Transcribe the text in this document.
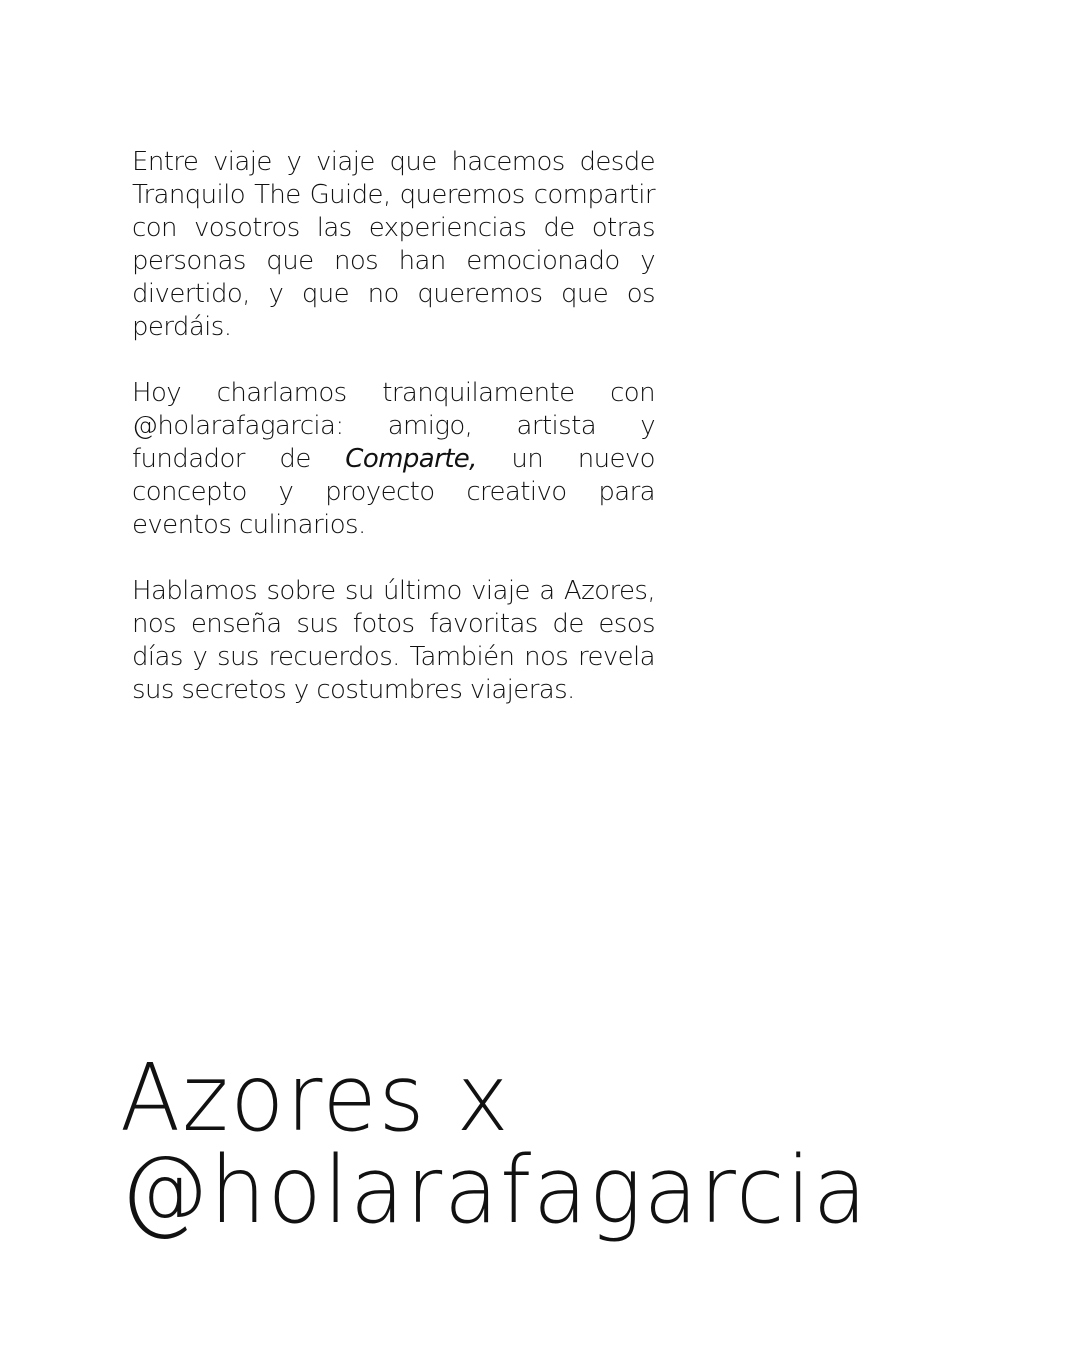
Entre viaje y viaje que hacemos desde Tranquilo The Guide, queremos compartir con vosotros las experiencias de otras personas que nos han emocionado y divertido, y que no queremos que os perdáis.

Hoy charlamos tranquilamente con @holarafagarcia: amigo, artista y fundador de Comparte, un nuevo concepto y proyecto creativo para eventos culinarios.

Hablamos sobre su último viaje a Azores, nos enseña sus fotos favoritas de esos días y sus recuerdos. También nos revela sus secretos y costumbres viajeras.

Azores x
@holarafagarcia
